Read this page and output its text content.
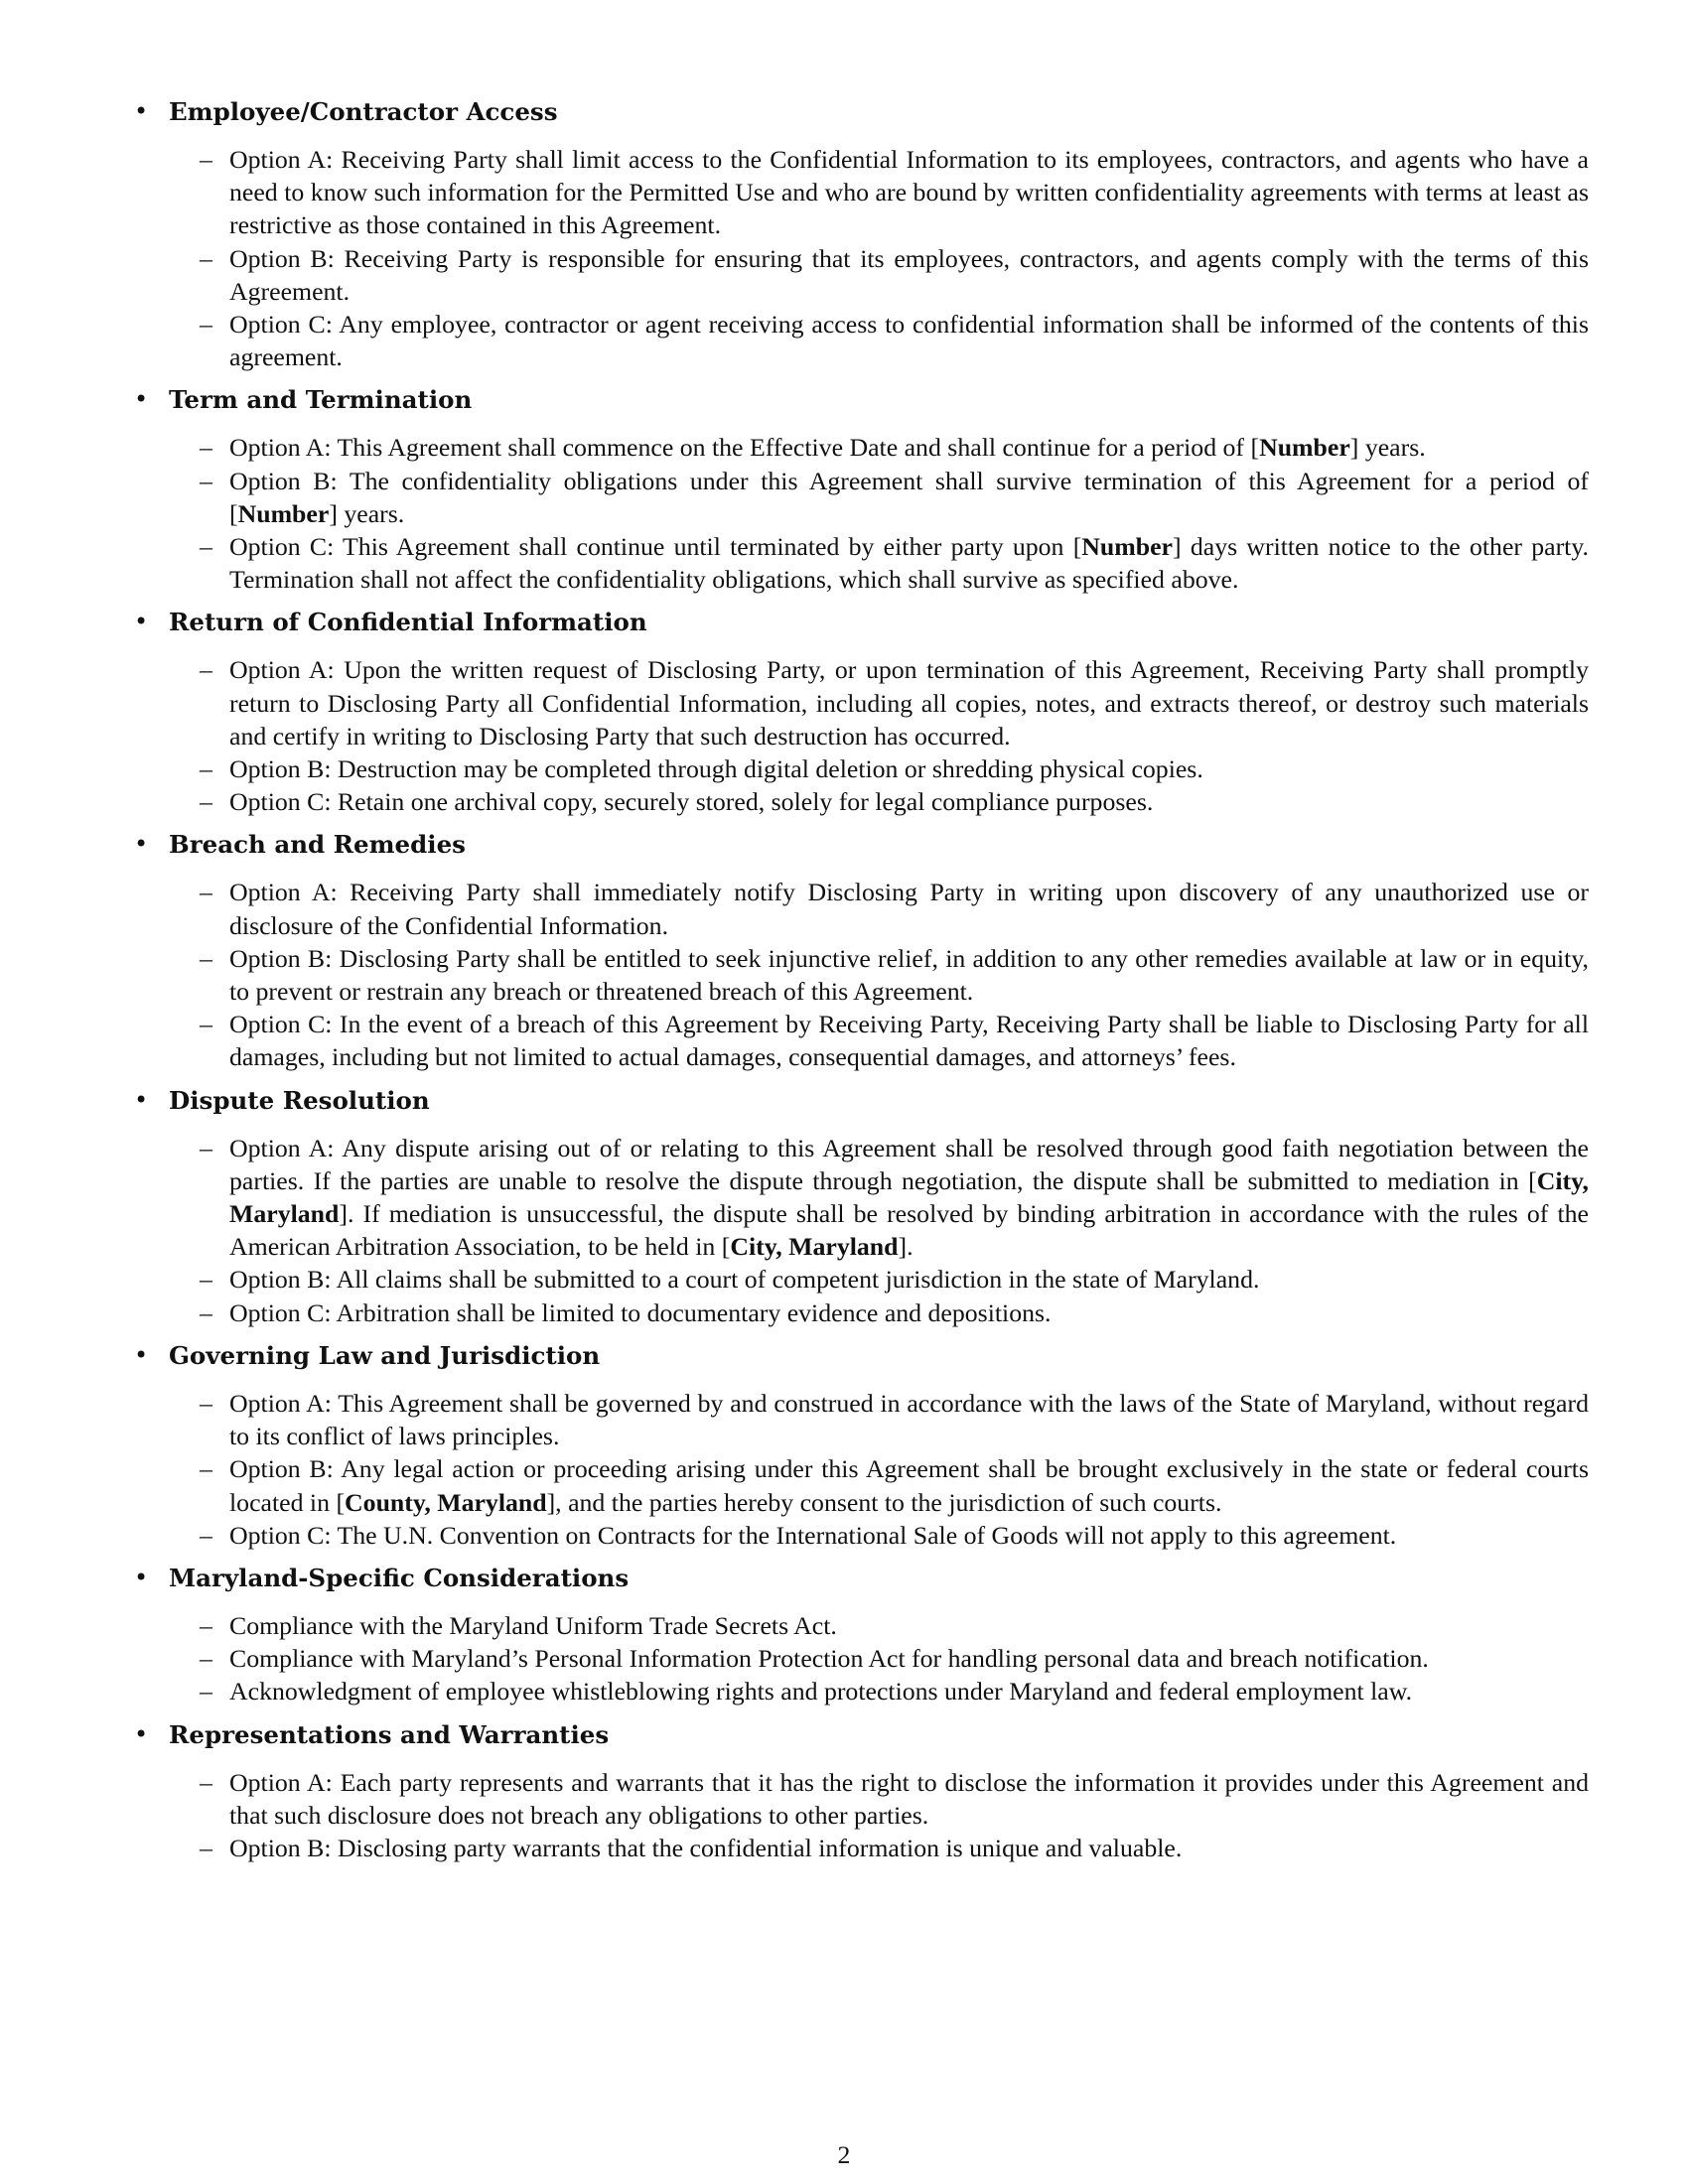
• Employee/Contractor Access
– Option A: Receiving Party shall limit access to the Confidential Information to its employees, contractors, and agents who have a need to know such information for the Permitted Use and who are bound by written confidentiality agreements with terms at least as restrictive as those contained in this Agreement.
– Option B: Receiving Party is responsible for ensuring that its employees, contractors, and agents comply with the terms of this Agreement.
– Option C: Any employee, contractor or agent receiving access to confidential information shall be informed of the contents of this agreement.
• Term and Termination
– Option A: This Agreement shall commence on the Effective Date and shall continue for a period of [Number] years.
– Option B: The confidentiality obligations under this Agreement shall survive termination of this Agreement for a period of [Number] years.
– Option C: This Agreement shall continue until terminated by either party upon [Number] days written notice to the other party. Termination shall not affect the confidentiality obligations, which shall survive as specified above.
• Return of Confidential Information
– Option A: Upon the written request of Disclosing Party, or upon termination of this Agreement, Receiving Party shall promptly return to Disclosing Party all Confidential Information, including all copies, notes, and extracts thereof, or destroy such materials and certify in writing to Disclosing Party that such destruction has occurred.
– Option B: Destruction may be completed through digital deletion or shredding physical copies.
– Option C: Retain one archival copy, securely stored, solely for legal compliance purposes.
• Breach and Remedies
– Option A: Receiving Party shall immediately notify Disclosing Party in writing upon discovery of any unauthorized use or disclosure of the Confidential Information.
– Option B: Disclosing Party shall be entitled to seek injunctive relief, in addition to any other remedies available at law or in equity, to prevent or restrain any breach or threatened breach of this Agreement.
– Option C: In the event of a breach of this Agreement by Receiving Party, Receiving Party shall be liable to Disclosing Party for all damages, including but not limited to actual damages, consequential damages, and attorneys’ fees.
• Dispute Resolution
– Option A: Any dispute arising out of or relating to this Agreement shall be resolved through good faith negotiation between the parties. If the parties are unable to resolve the dispute through negotiation, the dispute shall be submitted to mediation in [City, Maryland]. If mediation is unsuccessful, the dispute shall be resolved by binding arbitration in accordance with the rules of the American Arbitration Association, to be held in [City, Maryland].
– Option B: All claims shall be submitted to a court of competent jurisdiction in the state of Maryland.
– Option C: Arbitration shall be limited to documentary evidence and depositions.
• Governing Law and Jurisdiction
– Option A: This Agreement shall be governed by and construed in accordance with the laws of the State of Maryland, without regard to its conflict of laws principles.
– Option B: Any legal action or proceeding arising under this Agreement shall be brought exclusively in the state or federal courts located in [County, Maryland], and the parties hereby consent to the jurisdiction of such courts.
– Option C: The U.N. Convention on Contracts for the International Sale of Goods will not apply to this agreement.
• Maryland-Specific Considerations
– Compliance with the Maryland Uniform Trade Secrets Act.
– Compliance with Maryland’s Personal Information Protection Act for handling personal data and breach notification.
– Acknowledgment of employee whistleblowing rights and protections under Maryland and federal employment law.
• Representations and Warranties
– Option A: Each party represents and warrants that it has the right to disclose the information it provides under this Agreement and that such disclosure does not breach any obligations to other parties.
– Option B: Disclosing party warrants that the confidential information is unique and valuable.
2
